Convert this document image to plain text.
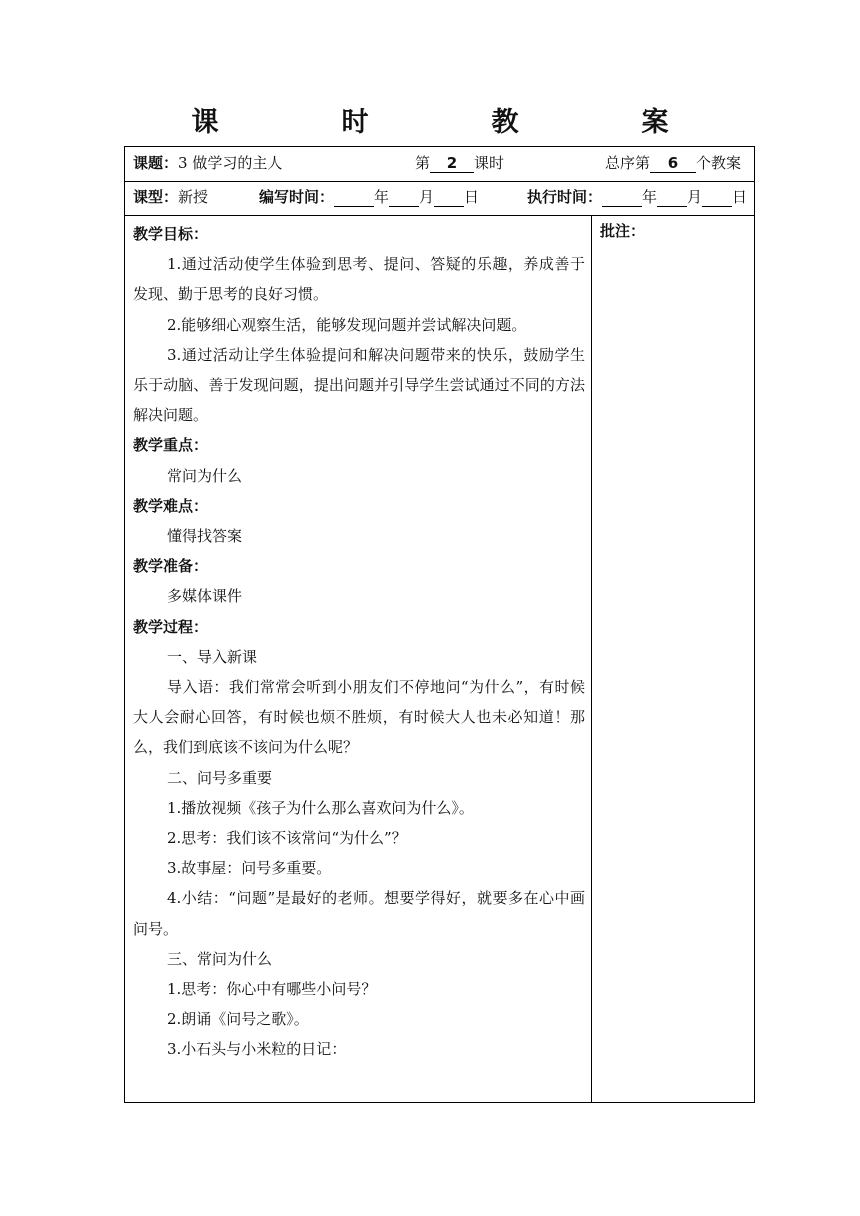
课　时　教　案
课题：3 做学习的主人	第 2 课时	总序第 6 个教案
课型：新授	编写时间：	年 月 日	执行时间：	年 月 日

教学目标：

1.通过活动使学生体验到思考、提问、答疑的乐趣，养成善于发现、勤于思考的良好习惯。

2.能够细心观察生活，能够发现问题并尝试解决问题。

3.通过活动让学生体验提问和解决问题带来的快乐，鼓励学生乐于动脑、善于发现问题，提出问题并引导学生尝试通过不同的方法解决问题。

教学重点：

常问为什么

教学难点：

懂得找答案

教学准备：

多媒体课件

教学过程：

一、导入新课

导入语：我们常常会听到小朋友们不停地问“为什么”，有时候大人会耐心回答，有时候也烦不胜烦，有时候大人也未必知道！那么，我们到底该不该问为什么呢？

二、问号多重要

1.播放视频《孩子为什么那么喜欢问为什么》。

2.思考：我们该不该常问“为什么”？

3.故事屋：问号多重要。

4.小结：“问题”是最好的老师。想要学得好，就要多在心中画问号。

三、常问为什么

1.思考：你心中有哪些小问号？

2.朗诵《问号之歌》。

3.小石头与小米粒的日记：

批注：
